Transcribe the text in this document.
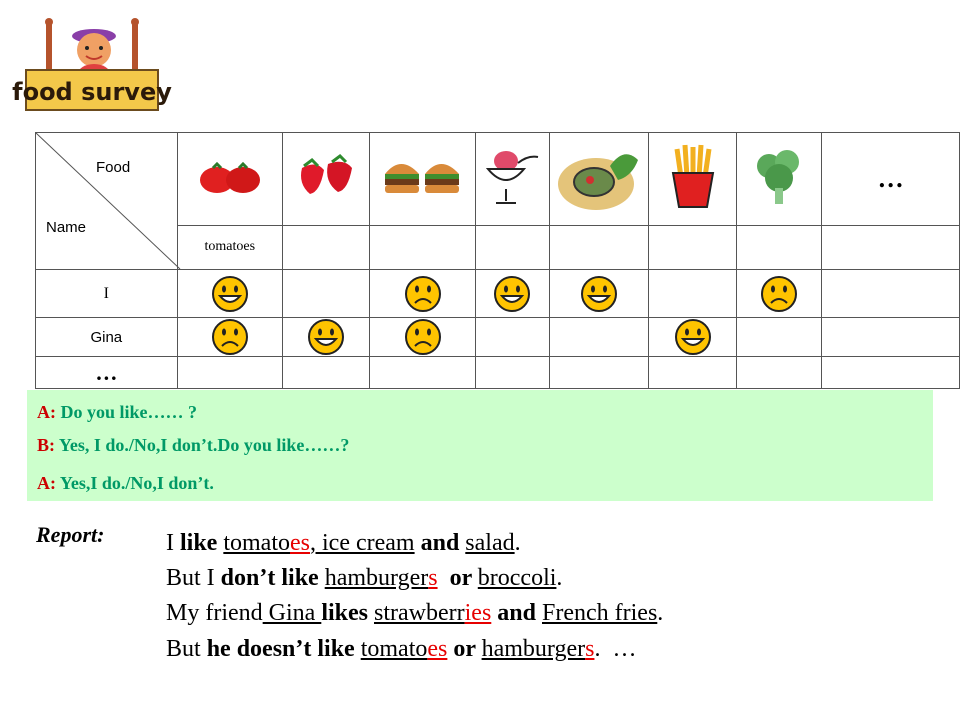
food survey
Food
Name								…
	tomatoes							
I								
Gina								
…								

A: Do you like…… ?

B: Yes, I do./No,I don’t.Do you like……?

A: Yes,I do./No,I don’t.

Report:	I like tomatoes, ice cream and salad.
But I don’t like hamburgers  or broccoli.
My friend Gina likes strawberries and French fries.
But he doesn’t like tomatoes or hamburgers.  …
